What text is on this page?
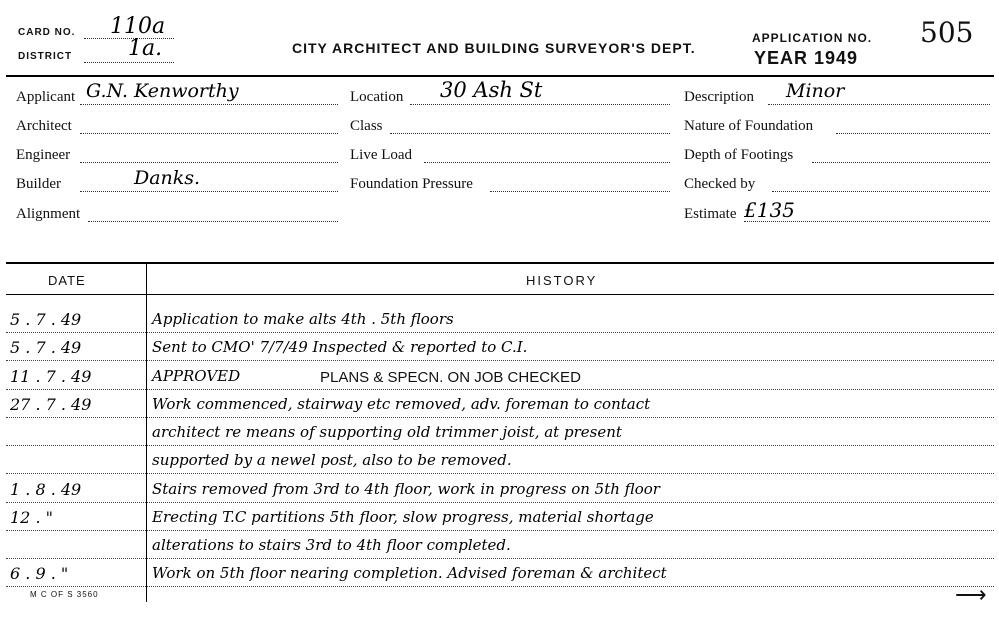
CARD NO. 110a
DISTRICT	1a.	CITY ARCHITECT AND BUILDING SURVEYOR'S DEPT.
APPLICATION NO. 505
YEAR 1949
Applicant G.N. Kenworthy
Architect
Engineer
Builder	Danks.
Alignment
Location 30 Ash St
Class
Live Load
Foundation Pressure
Description Minor
Nature of Foundation
Depth of Footings
Checked by
Estimate £135
DATE	HISTORY
5 . 7 . 49	Application to make alts 4th . 5th floors
5 . 7 . 49	Sent to CMO' 7/7/49 Inspected & reported to C.I.
11 . 7 . 49	APPROVED	PLANS & SPECN. ON JOB CHECKED
27 . 7 . 49	Work commenced, stairway etc removed, adv. foreman to contact
architect re means of supporting old trimmer joist, at present
supported by a newel post, also to be removed.
1 . 8 . 49	Stairs removed from 3rd to 4th floor, work in progress on 5th floor
12 . "	Erecting T.C partitions 5th floor, slow progress, material shortage
alterations to stairs 3rd to 4th floor completed.
6 . 9 . "	Work on 5th floor nearing completion. Advised foreman & architect
M C OF S 3560	⟶
